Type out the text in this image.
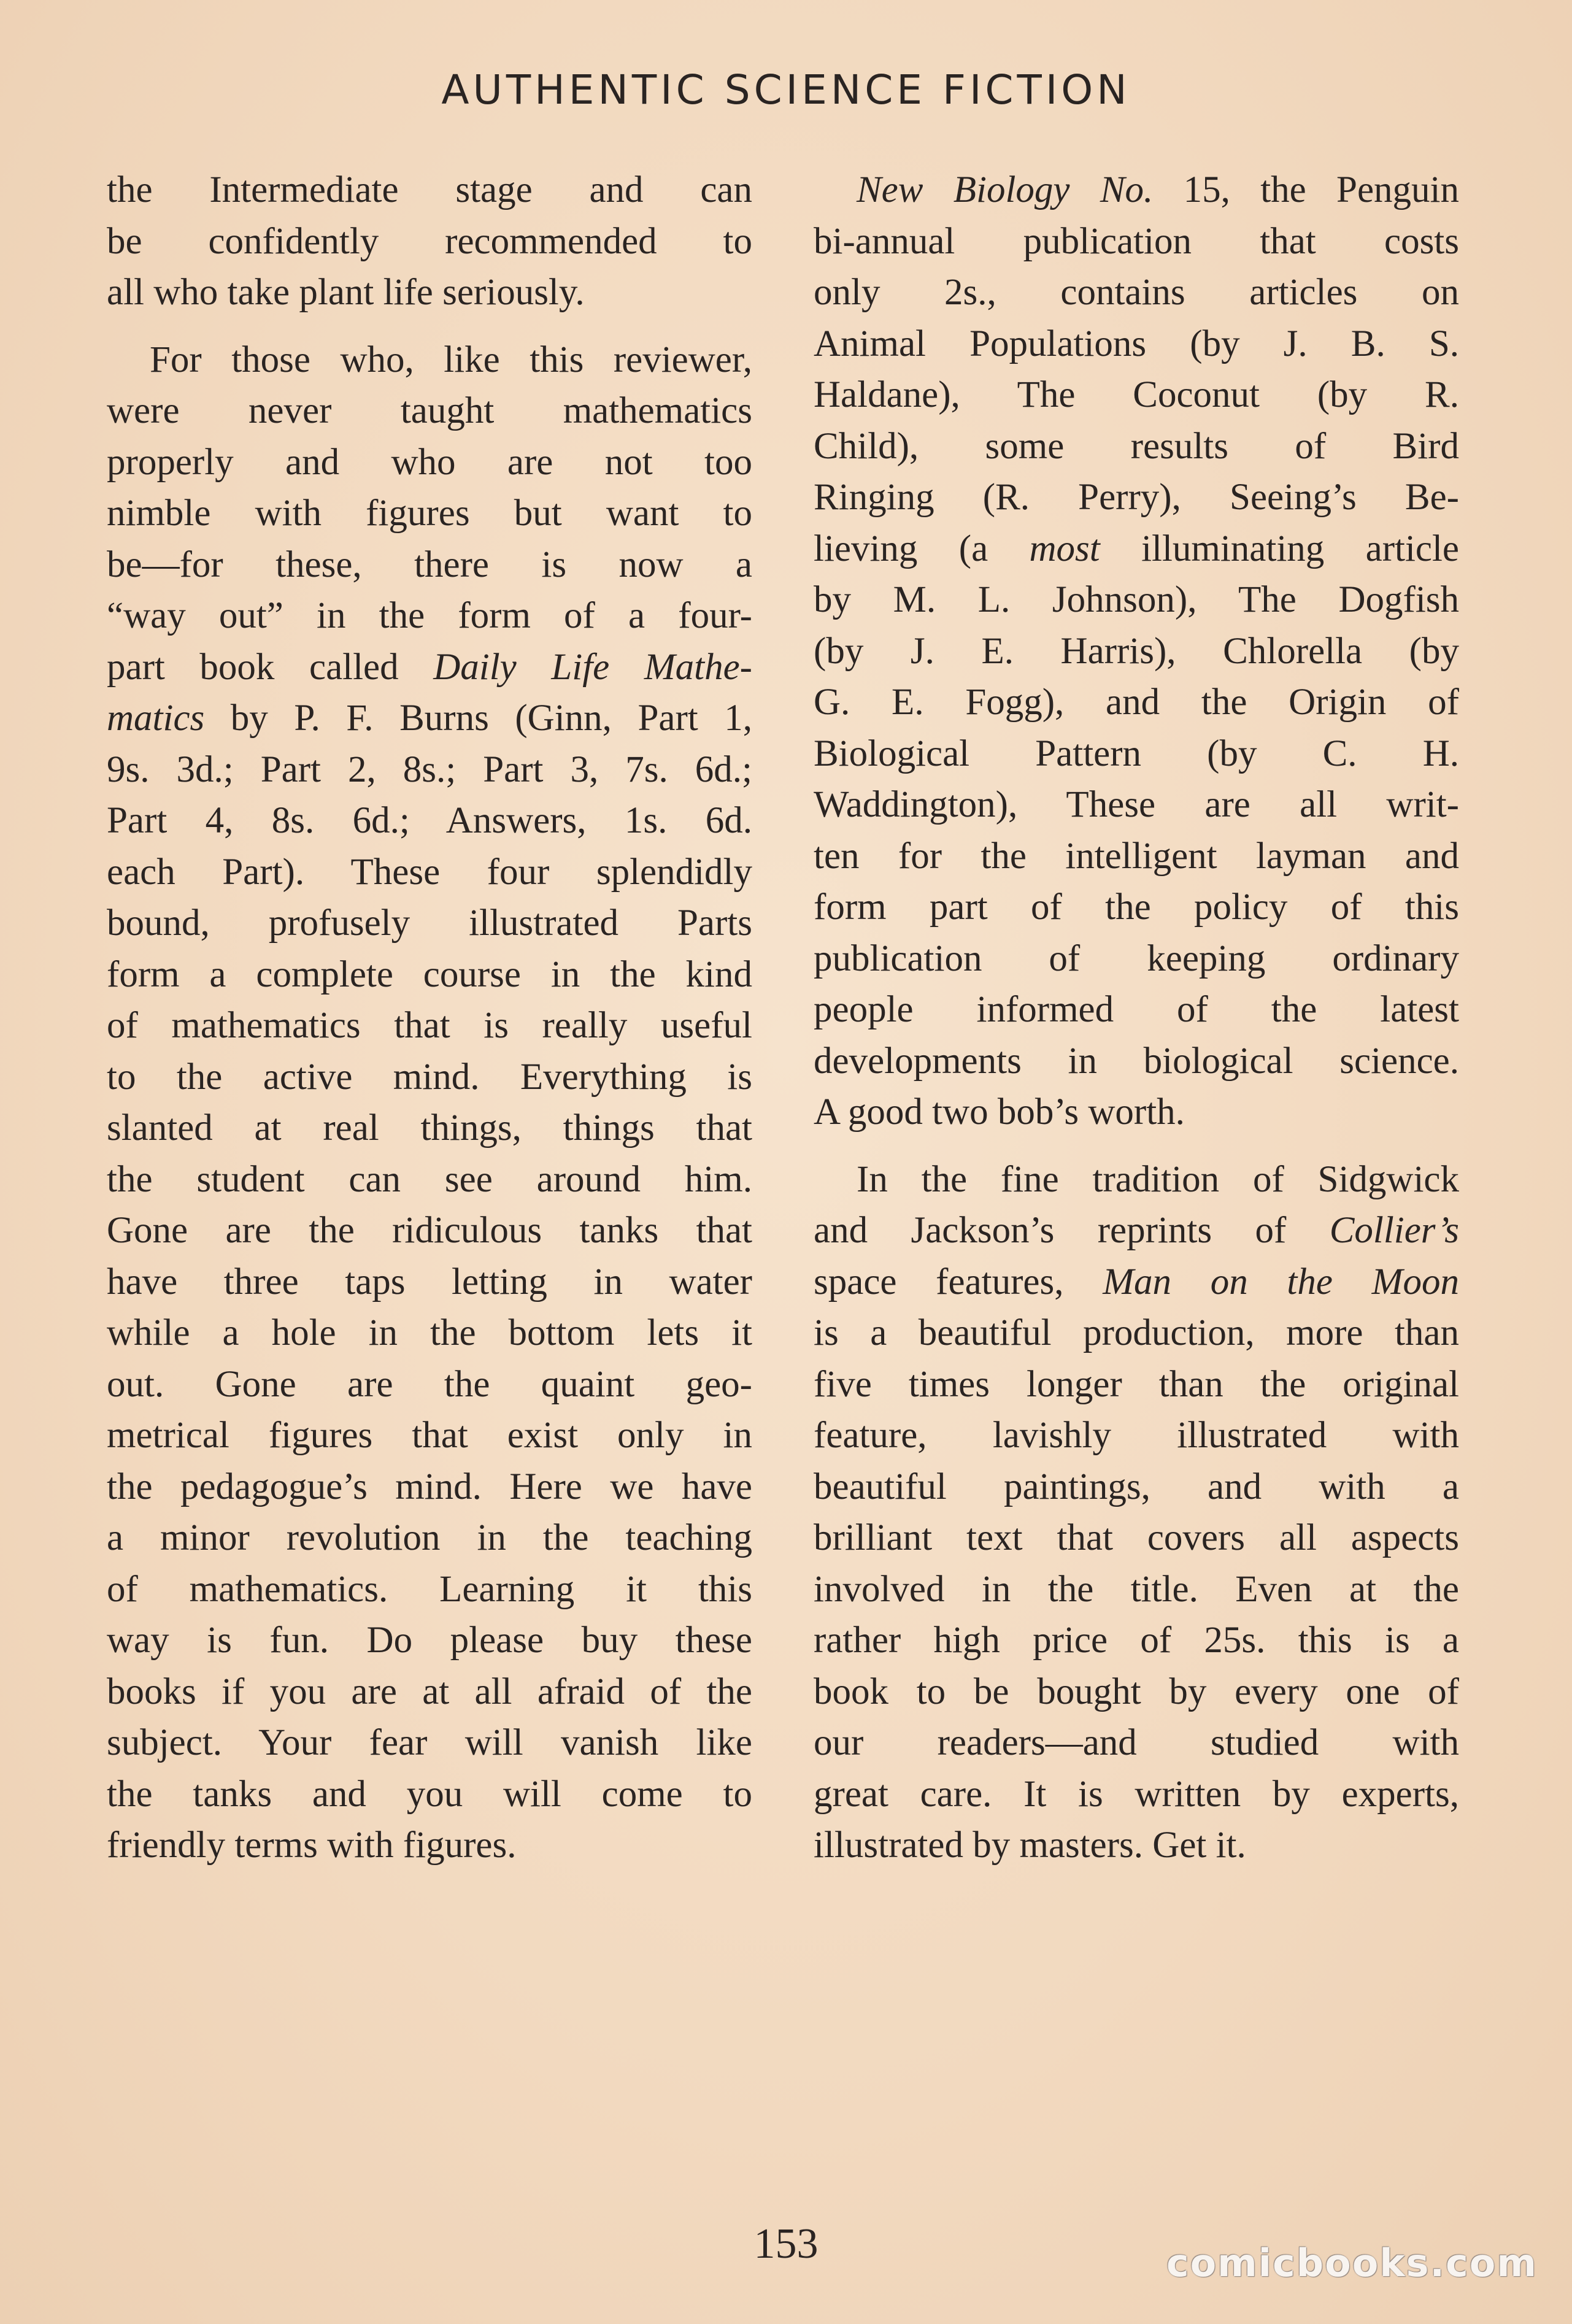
AUTHENTIC SCIENCE FICTION

the Intermediate stage and can
be confidently recommended to
all who take plant life seriously.

For those who, like this reviewer,
were never taught mathematics
properly and who are not too
nimble with figures but want to
be—for these, there is now a
“way out” in the form of a four-
part book called Daily Life Mathe-
matics by P. F. Burns (Ginn, Part 1,
9s. 3d.; Part 2, 8s.; Part 3, 7s. 6d.;
Part 4, 8s. 6d.; Answers, 1s. 6d.
each Part). These four splendidly
bound, profusely illustrated Parts
form a complete course in the kind
of mathematics that is really useful
to the active mind. Everything is
slanted at real things, things that
the student can see around him.
Gone are the ridiculous tanks that
have three taps letting in water
while a hole in the bottom lets it
out. Gone are the quaint geo-
metrical figures that exist only in
the pedagogue’s mind. Here we have
a minor revolution in the teaching
of mathematics. Learning it this
way is fun. Do please buy these
books if you are at all afraid of the
subject. Your fear will vanish like
the tanks and you will come to
friendly terms with figures.

New Biology No. 15, the Penguin
bi-annual publication that costs
only 2s., contains articles on
Animal Populations (by J. B. S.
Haldane), The Coconut (by R.
Child), some results of Bird
Ringing (R. Perry), Seeing’s Be-
lieving (a most illuminating article
by M. L. Johnson), The Dogfish
(by J. E. Harris), Chlorella (by
G. E. Fogg), and the Origin of
Biological Pattern (by C. H.
Waddington), These are all writ-
ten for the intelligent layman and
form part of the policy of this
publication of keeping ordinary
people informed of the latest
developments in biological science.
A good two bob’s worth.

In the fine tradition of Sidgwick
and Jackson’s reprints of Collier’s
space features, Man on the Moon
is a beautiful production, more than
five times longer than the original
feature, lavishly illustrated with
beautiful paintings, and with a
brilliant text that covers all aspects
involved in the title. Even at the
rather high price of 25s. this is a
book to be bought by every one of
our readers—and studied with
great care. It is written by experts,
illustrated by masters. Get it.

153	comicbooks.com
